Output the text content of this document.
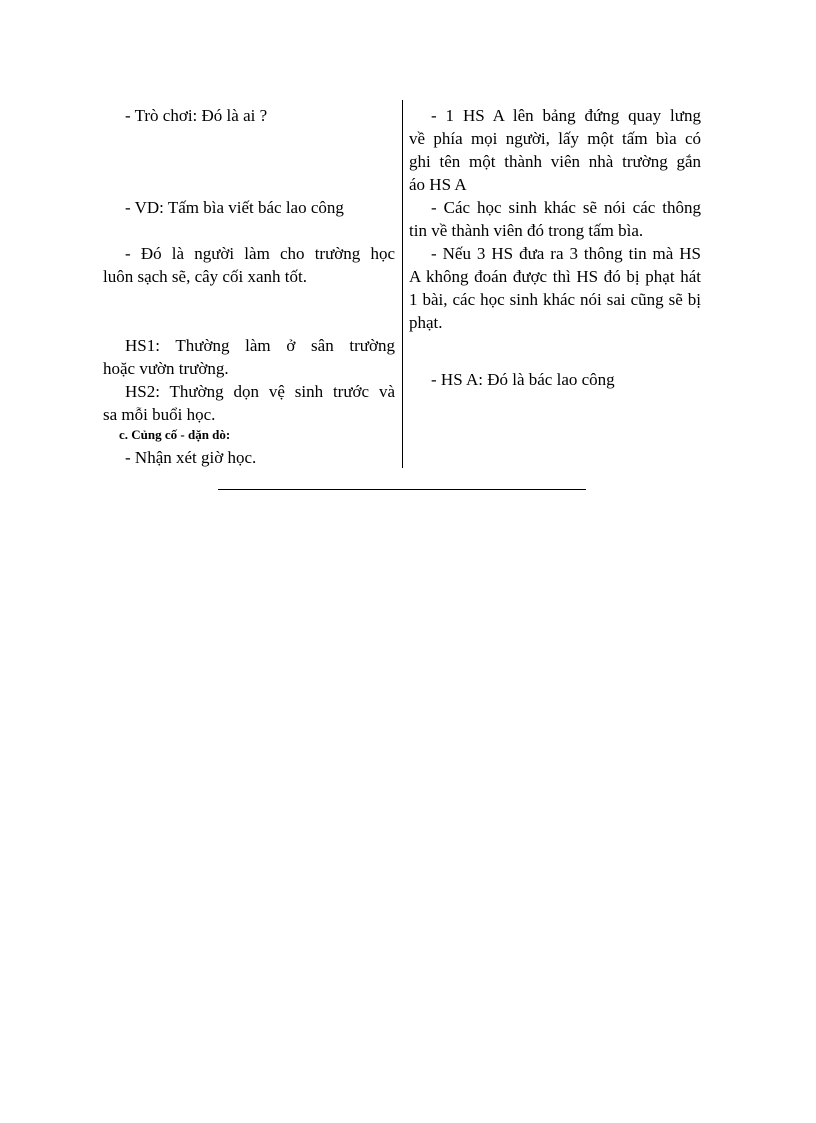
- Trò chơi: Đó là ai ?
- VD: Tấm bìa viết bác lao công
- Đó là người làm cho trường học
luôn sạch sẽ, cây cối xanh tốt.
HS1: Thường làm ở sân trường
hoặc vườn trường.
HS2: Thường dọn vệ sinh trước và
sa mỗi buổi học.
c. Củng cố - dặn dò:
- Nhận xét giờ học.
- 1 HS A lên bảng đứng quay lưng
về phía mọi người, lấy một tấm bìa có
ghi tên một thành viên nhà trường gắn
áo HS A
- Các học sinh khác sẽ nói các thông
tin về thành viên đó trong tấm bìa.
- Nếu 3 HS đưa ra 3 thông tin mà HS
A không đoán được thì HS đó bị phạt hát
1 bài, các học sinh khác nói sai cũng sẽ bị
phạt.
- HS A: Đó là bác lao công
